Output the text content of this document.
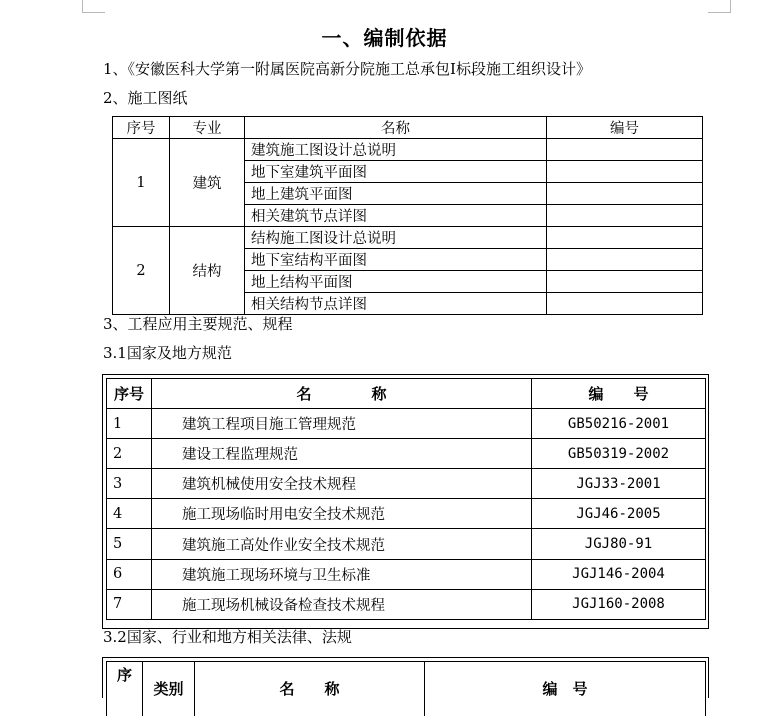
一、编制依据
1、《安徽医科大学第一附属医院高新分院施工总承包Ⅰ标段施工组织设计》
2、施工图纸
序号	专业	名称	编号
1	建筑	建筑施工图设计总说明	
		地下室建筑平面图	
		地上建筑平面图	
		相关建筑节点详图	
2	结构	结构施工图设计总说明	
		地下室结构平面图	
		地上结构平面图	
		相关结构节点详图	
3、工程应用主要规范、规程
3.1国家及地方规范
序号	名　　　　称	编　　号
1	建筑工程项目施工管理规范	GB50216-2001
2	建设工程监理规范	GB50319-2002
3	建筑机械使用安全技术规程	JGJ33-2001
4	施工现场临时用电安全技术规范	JGJ46-2005
5	建筑施工高处作业安全技术规范	JGJ80-91
6	建筑施工现场环境与卫生标准	JGJ146-2004
7	施工现场机械设备检查技术规程	JGJ160-2008
3.2国家、行业和地方相关法律、法规
序	类别	名　　称	编　号
